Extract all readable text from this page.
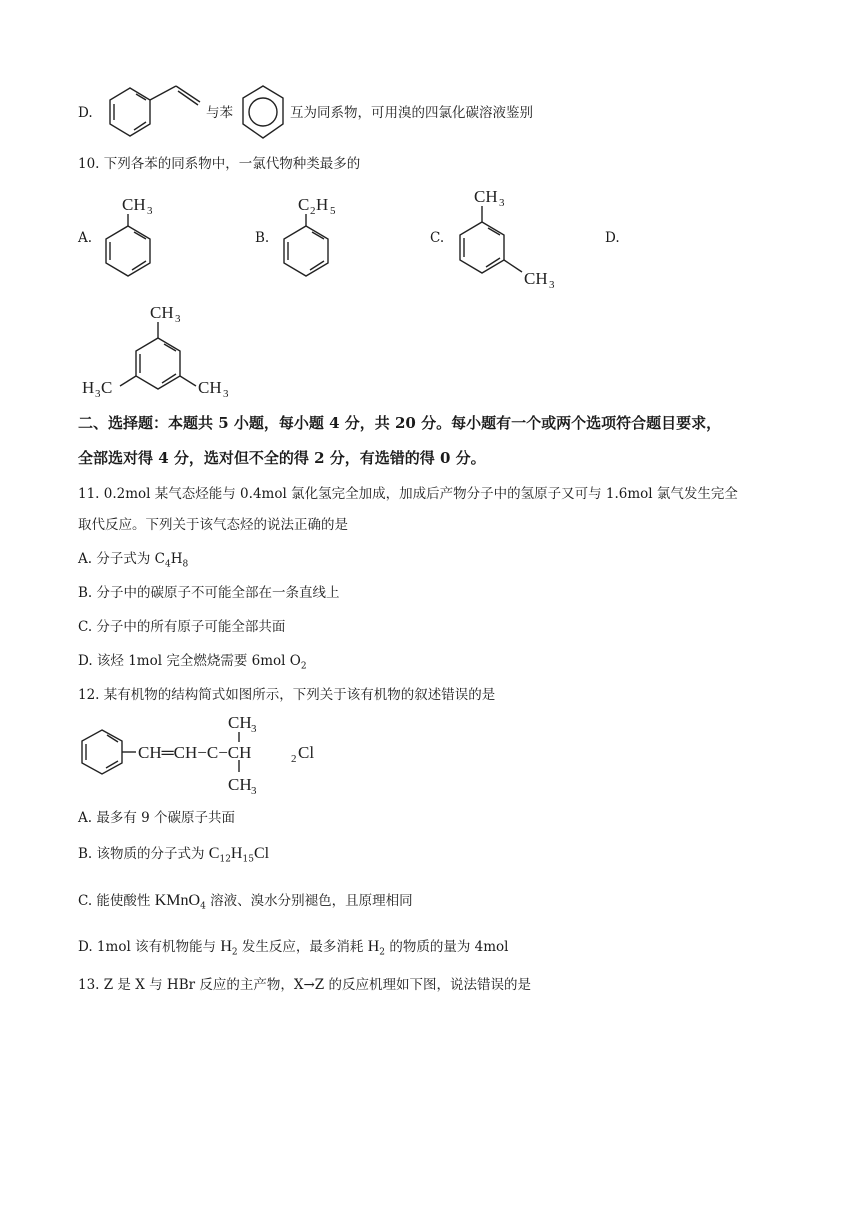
D.	与苯	互为同系物，可用溴的四氯化碳溶液鉴别
10. 下列各苯的同系物中，一氯代物种类最多的
A.
CH 3
B.
C 2 H 5
C.
CH 3
CH 3
D.
CH 3
H 3 C	CH 3
二、选择题：本题共 5 小题，每小题 4 分，共 20 分。每小题有一个或两个选项符合题目要求，
全部选对得 4 分，选对但不全的得 2 分，有选错的得 0 分。
11. 0.2mol 某气态烃能与 0.4mol 氯化氢完全加成，加成后产物分子中的氢原子又可与 1.6mol 氯气发生完全
取代反应。下列关于该气态烃的说法正确的是
A. 分子式为 $C_4H_8$
B. 分子中的碳原子不可能全部在一条直线上
C. 分子中的所有原子可能全部共面
D. 该烃 1mol 完全燃烧需要 6mol $O_2$
12. 某有机物的结构简式如图所示，下列关于该有机物的叙述错误的是
CH═CH−C−CH	2 Cl
CH 3
CH 3
A. 最多有 9 个碳原子共面
B. 该物质的分子式为 $C_{12}H_{15}Cl$
C. 能使酸性 KMnO$_4$ 溶液、溴水分别褪色，且原理相同
D. 1mol 该有机物能与 $H_2$ 发生反应，最多消耗 $H_2$ 的物质的量为 4mol
13. Z 是 X 与 HBr 反应的主产物，X→Z 的反应机理如下图，说法错误的是
